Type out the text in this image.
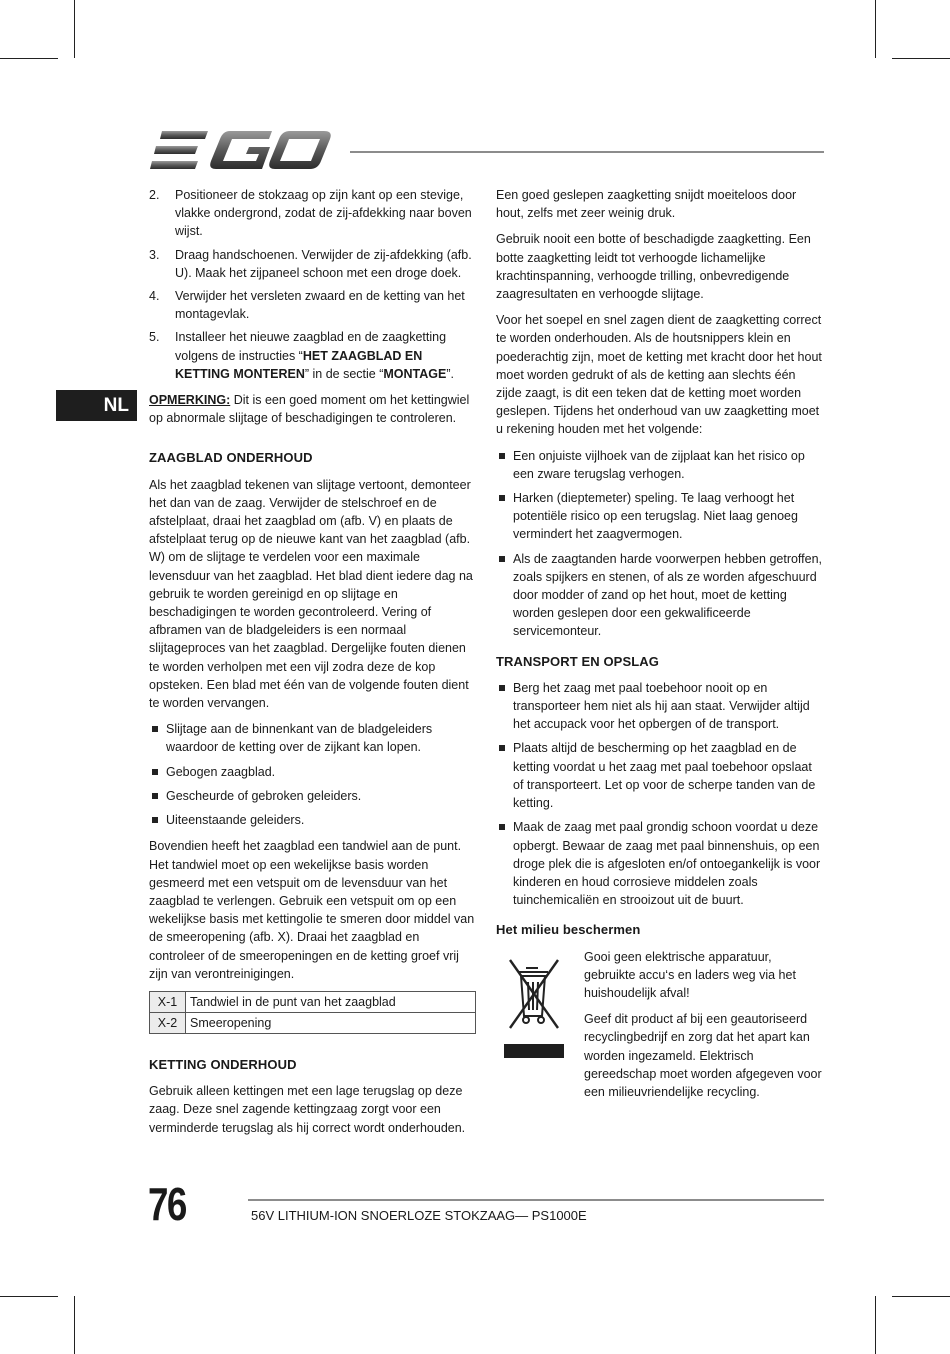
NL
2. Positioneer de stokzaag op zijn kant op een stevige, vlakke ondergrond, zodat de zij-afdekking naar boven wijst.
3. Draag handschoenen. Verwijder de zij-afdekking (afb. U). Maak het zijpaneel schoon met een droge doek.
4. Verwijder het versleten zwaard en de ketting van het montagevlak.
5. Installeer het nieuwe zaagblad en de zaagketting volgens de instructies “HET ZAAGBLAD EN KETTING MONTEREN” in de sectie “MONTAGE”.

OPMERKING: Dit is een goed moment om het kettingwiel op abnormale slijtage of beschadigingen te controleren.

ZAAGBLAD ONDERHOUD

Als het zaagblad tekenen van slijtage vertoont, demonteer het dan van de zaag. Verwijder de stelschroef en de afstelplaat, draai het zaagblad om (afb. V) en plaats de afstelplaat terug op de nieuwe kant van het zaagblad (afb. W) om de slijtage te verdelen voor een maximale levensduur van het zaagblad. Het blad dient iedere dag na gebruik te worden gereinigd en op slijtage en beschadigingen te worden gecontroleerd. Vering of afbramen van de bladgeleiders is een normaal slijtageproces van het zaagblad. Dergelijke fouten dienen te worden verholpen met een vijl zodra deze de kop opsteken. Een blad met één van de volgende fouten dient te worden vervangen.

Slijtage aan de binnenkant van de bladgeleiders waardoor de ketting over de zijkant kan lopen.
Gebogen zaagblad.
Gescheurde of gebroken geleiders.
Uiteenstaande geleiders.

Bovendien heeft het zaagblad een tandwiel aan de punt. Het tandwiel moet op een wekelijkse basis worden gesmeerd met een vetspuit om de levensduur van het zaagblad te verlengen. Gebruik een vetspuit om op een wekelijkse basis met kettingolie te smeren door middel van de smeeropening (afb. X). Draai het zaagblad en controleer of de smeeropeningen en de ketting groef vrij zijn van verontreinigingen.

X-1	Tandwiel in de punt van het zaagblad
X-2	Smeeropening
KETTING ONDERHOUD

Gebruik alleen kettingen met een lage terugslag op deze zaag. Deze snel zagende kettingzaag zorgt voor een verminderde terugslag als hij correct wordt onderhouden.

Een goed geslepen zaagketting snijdt moeiteloos door hout, zelfs met zeer weinig druk.

Gebruik nooit een botte of beschadigde zaagketting. Een botte zaagketting leidt tot verhoogde lichamelijke krachtinspanning, verhoogde trilling, onbevredigende zaagresultaten en verhoogde slijtage.

Voor het soepel en snel zagen dient de zaagketting correct te worden onderhouden. Als de houtsnippers klein en poederachtig zijn, moet de ketting met kracht door het hout moet worden gedrukt of als de ketting aan slechts één zijde zaagt, is dit een teken dat de ketting moet worden geslepen. Tijdens het onderhoud van uw zaagketting moet u rekening houden met het volgende:

Een onjuiste vijlhoek van de zijplaat kan het risico op een zware terugslag verhogen.
Harken (dieptemeter) speling. Te laag verhoogt het potentiële risico op een terugslag. Niet laag genoeg vermindert het zaagvermogen.
Als de zaagtanden harde voorwerpen hebben getroffen, zoals spijkers en stenen, of als ze worden afgeschuurd door modder of zand op het hout, moet de ketting worden geslepen door een gekwalificeerde servicemonteur.
TRANSPORT EN OPSLAG
Berg het zaag met paal toebehoor nooit op en transporteer hem niet als hij aan staat. Verwijder altijd het accupack voor het opbergen of de transport.
Plaats altijd de bescherming op het zaagblad en de ketting voordat u het zaag met paal toebehoor opslaat of transporteert. Let op voor de scherpe tanden van de ketting.
Maak de zaag met paal grondig schoon voordat u deze opbergt. Bewaar de zaag met paal binnenshuis, op een droge plek die is afgesloten en/of ontoegankelijk is voor kinderen en houd corrosieve middelen zoals tuinchemicaliën en strooizout uit de buurt.
Het milieu beschermen

Gooi geen elektrische apparatuur, gebruikte accu‘s en laders weg via het huishoudelijk afval!

Geef dit product af bij een geautoriseerd recyclingbedrijf en zorg dat het apart kan worden ingezameld. Elektrisch gereedschap moet worden afgegeven voor een milieuvriendelijke recycling.

76	56V LITHIUM-ION SNOERLOZE STOKZAAG— PS1000E
